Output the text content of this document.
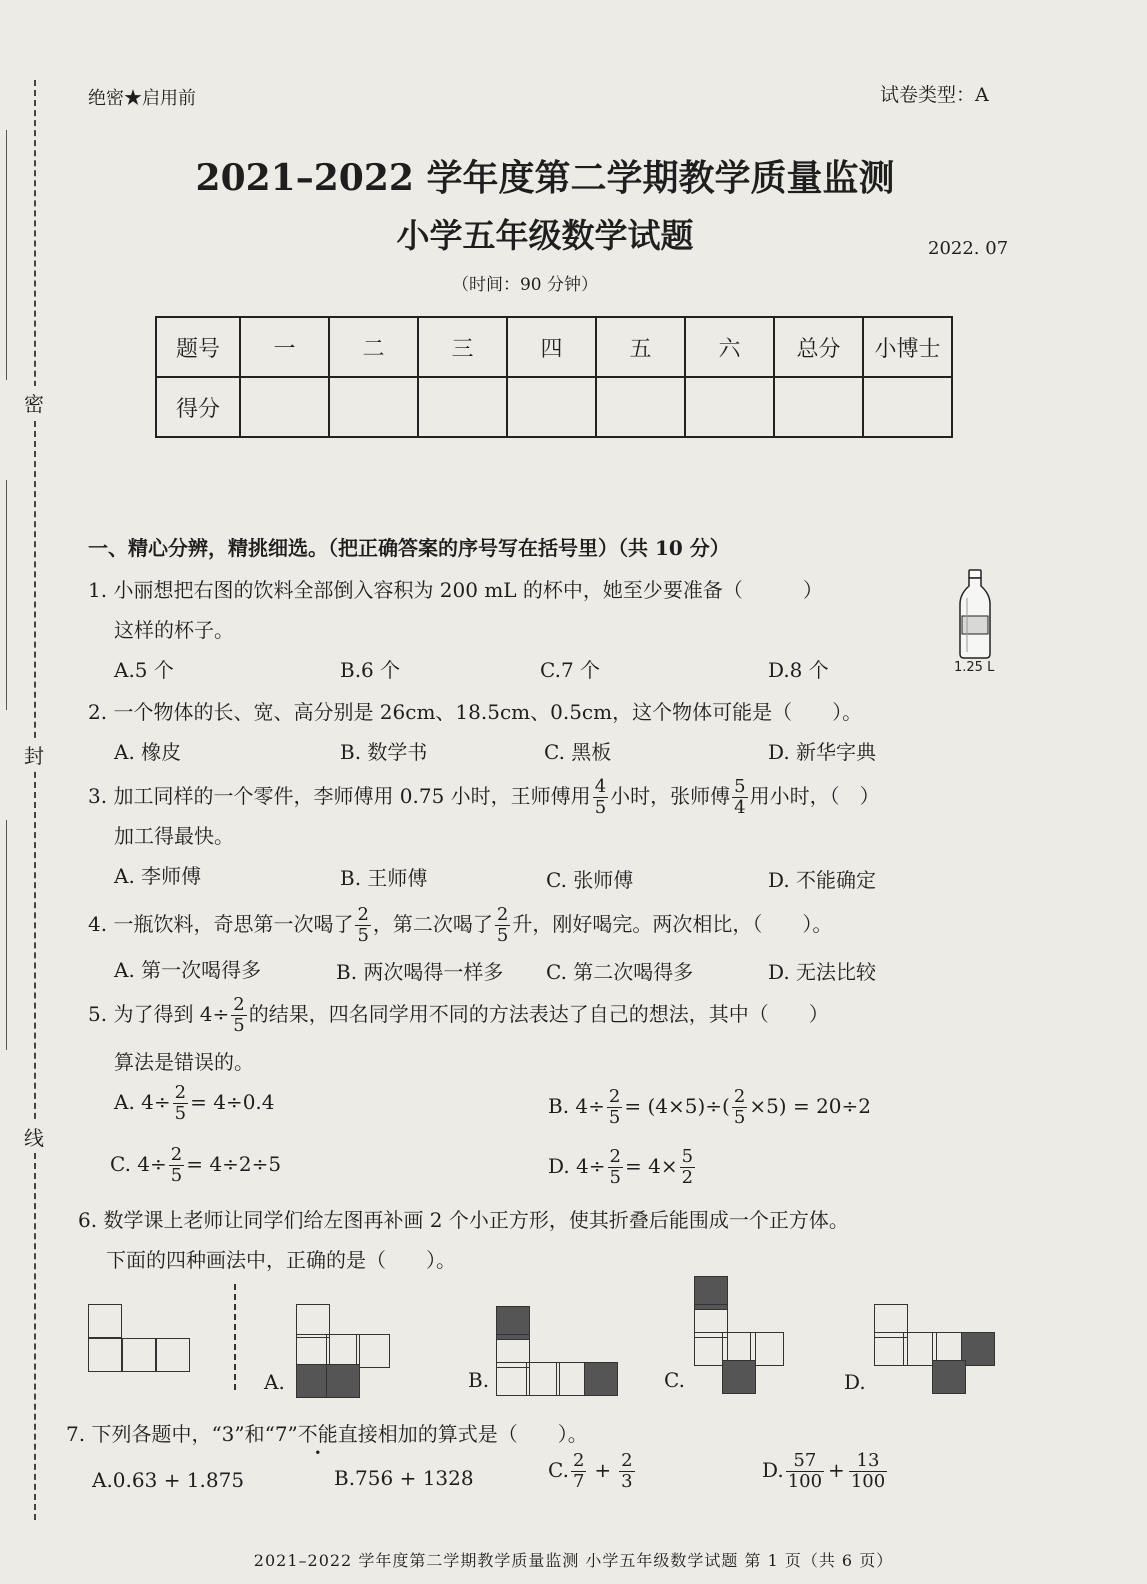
密
封
线
绝密★启用前	试卷类型：A
2021–2022 学年度第二学期教学质量监测
小学五年级数学试题	2022. 07
（时间：90 分钟）
题号	一	二	三	四	五	六	总分	小博士
得分								
一、精心分辨，精挑细选。（把正确答案的序号写在括号里）（共 10 分）
1. 小丽想把右图的饮料全部倒入容积为 200 mL 的杯中，她至少要准备（　　　）
这样的杯子。
A.5 个	B.6 个	C.7 个	D.8 个	1.25 L
2. 一个物体的长、宽、高分别是 26cm、18.5cm、0.5cm，这个物体可能是（　　）。
A. 橡皮	B. 数学书	C. 黑板	D. 新华字典
3. 加工同样的一个零件，李师傅用 0.75 小时，王师傅用 $\frac{4}{5}$ 小时，张师傅 $\frac{5}{4}$ 用小时，（　）
加工得最快。
A. 李师傅	B. 王师傅	C. 张师傅	D. 不能确定
4. 一瓶饮料，奇思第一次喝了 $\frac{2}{5}$ ，第二次喝了 $\frac{2}{5}$ 升，刚好喝完。两次相比，（　　）。
A. 第一次喝得多	B. 两次喝得一样多 C. 第二次喝得多	D. 无法比较
5. 为了得到 $4\div \frac{2}{5}$ 的结果，四名同学用不同的方法表达了自己的想法，其中（　　）
算法是错误的。
A. $4\div \frac{2}{5} = 4\div 0.4$	B. $4\div \frac{2}{5} = (4\times 5)\div( \frac{2}{5} \times 5) = 20\div 2$
C. $4\div \frac{2}{5} = 4\div 2\div 5$	D. $4\div \frac{2}{5} = 4\times \frac{5}{2}$
6. 数学课上老师让同学们给左图再补画 2 个小正方形，使其折叠后能围成一个正方体。
下面的四种画法中，正确的是（　　）。
A.	B.	C.	D.
7. 下列各题中，“3”和“7”不能直接相加的算式是（　　）。
A.0.63 + 1.875	B.756 + 1328	C. $\frac{2}{7} + \frac{2}{3}$	D. $\frac{57}{100} + \frac{13}{100}$
2021–2022 学年度第二学期教学质量监测 小学五年级数学试题 第 1 页（共 6 页）
